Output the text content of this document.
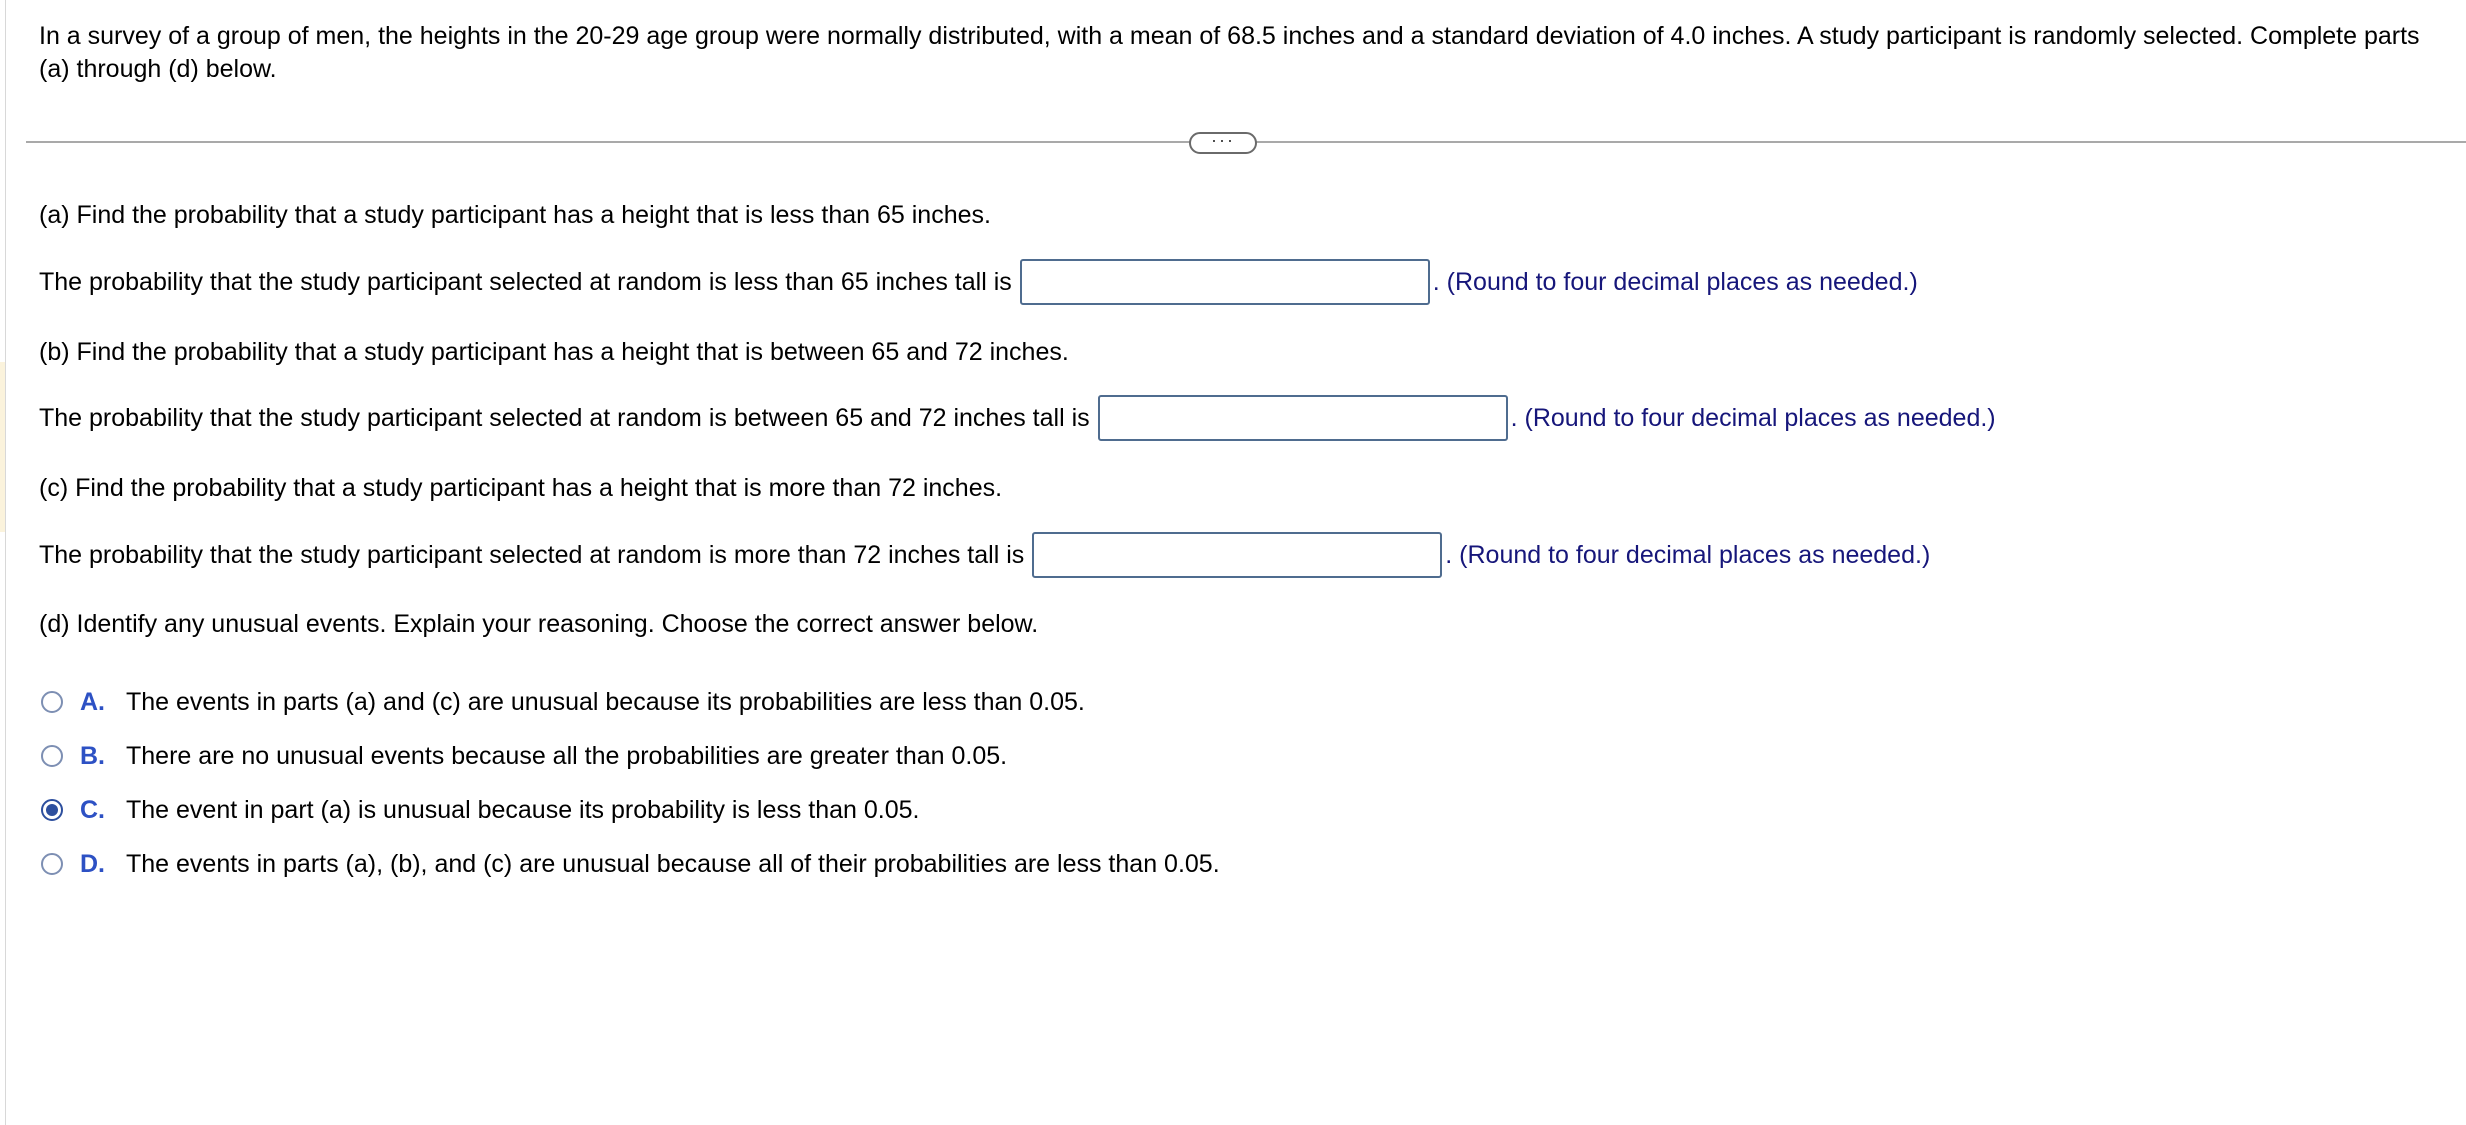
In a survey of a group of men, the heights in the 20-29 age group were normally distributed, with a mean of 68.5 inches and a standard deviation of 4.0 inches. A study participant is randomly selected. Complete parts (a) through (d) below.

···
(a) Find the probability that a study participant has a height that is less than 65 inches.
The probability that the study participant selected at random is less than 65 inches tall is	. (Round to four decimal places as needed.)
(b) Find the probability that a study participant has a height that is between 65 and 72 inches.
The probability that the study participant selected at random is between 65 and 72 inches tall is	. (Round to four decimal places as needed.)
(c) Find the probability that a study participant has a height that is more than 72 inches.
The probability that the study participant selected at random is more than 72 inches tall is	. (Round to four decimal places as needed.)
(d) Identify any unusual events. Explain your reasoning. Choose the correct answer below.
A. The events in parts (a) and (c) are unusual because its probabilities are less than 0.05.
B. There are no unusual events because all the probabilities are greater than 0.05.
C. The event in part (a) is unusual because its probability is less than 0.05.
D. The events in parts (a), (b), and (c) are unusual because all of their probabilities are less than 0.05.
